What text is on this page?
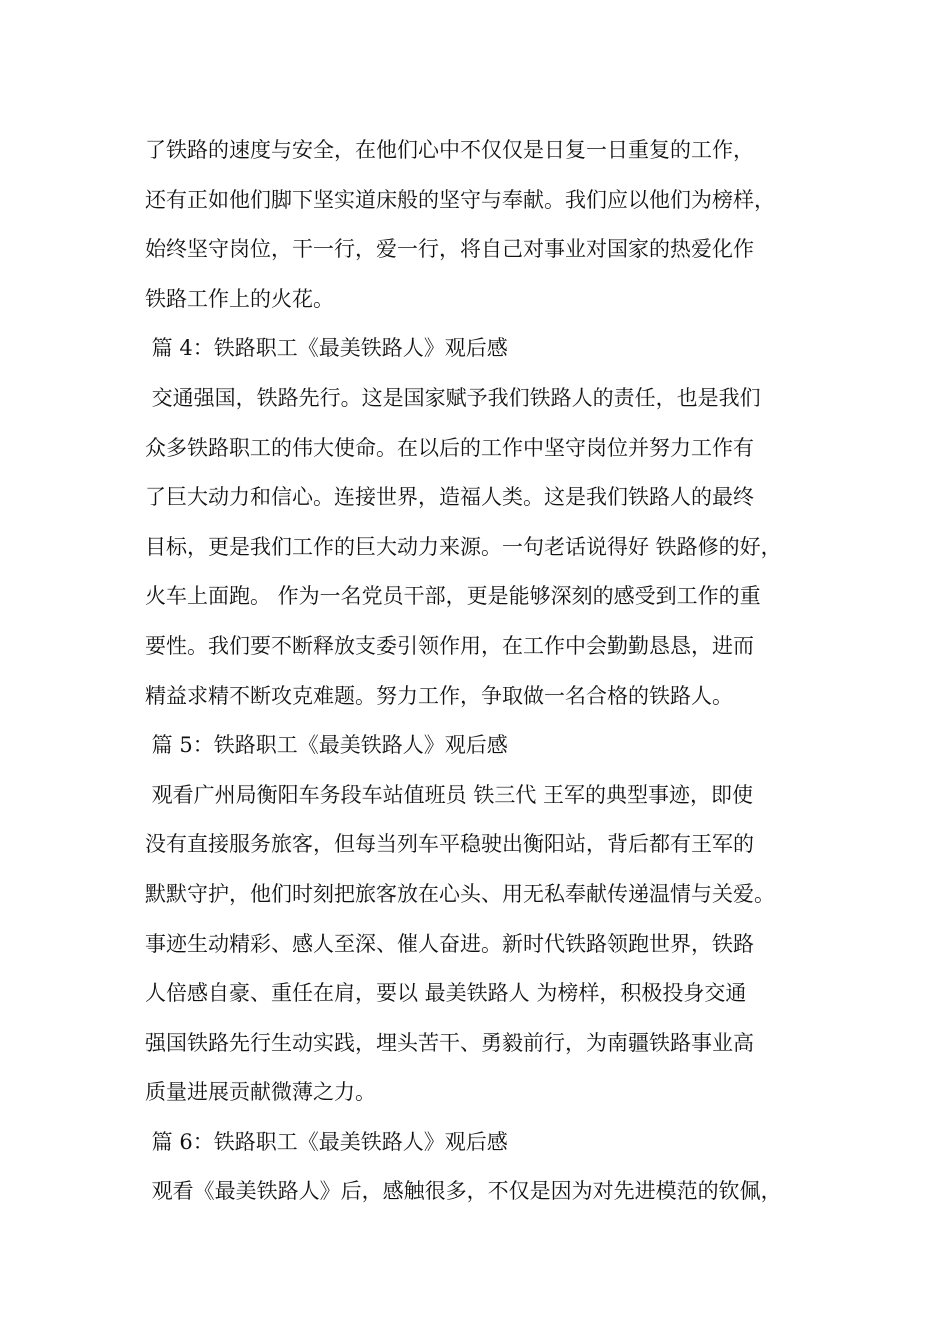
了铁路的速度与安全，在他们心中不仅仅是日复一日重复的工作，
还有正如他们脚下坚实道床般的坚守与奉献。我们应以他们为榜样，
始终坚守岗位，干一行，爱一行，将自己对事业对国家的热爱化作
铁路工作上的火花。
篇 4：铁路职工《最美铁路人》观后感
交通强国，铁路先行。这是国家赋予我们铁路人的责任，也是我们
众多铁路职工的伟大使命。在以后的工作中坚守岗位并努力工作有
了巨大动力和信心。连接世界，造福人类。这是我们铁路人的最终
目标，更是我们工作的巨大动力来源。一句老话说得好 铁路修的好，
火车上面跑。 作为一名党员干部，更是能够深刻的感受到工作的重
要性。我们要不断释放支委引领作用，在工作中会勤勤恳恳，进而
精益求精不断攻克难题。努力工作，争取做一名合格的铁路人。
篇 5：铁路职工《最美铁路人》观后感
观看广州局衡阳车务段车站值班员 铁三代 王军的典型事迹，即使
没有直接服务旅客，但每当列车平稳驶出衡阳站，背后都有王军的
默默守护，他们时刻把旅客放在心头、用无私奉献传递温情与关爱。
事迹生动精彩、感人至深、催人奋进。新时代铁路领跑世界，铁路
人倍感自豪、重任在肩，要以 最美铁路人 为榜样，积极投身交通
强国铁路先行生动实践，埋头苦干、勇毅前行，为南疆铁路事业高
质量进展贡献微薄之力。
篇 6：铁路职工《最美铁路人》观后感
观看《最美铁路人》后，感触很多，不仅是因为对先进模范的钦佩，
